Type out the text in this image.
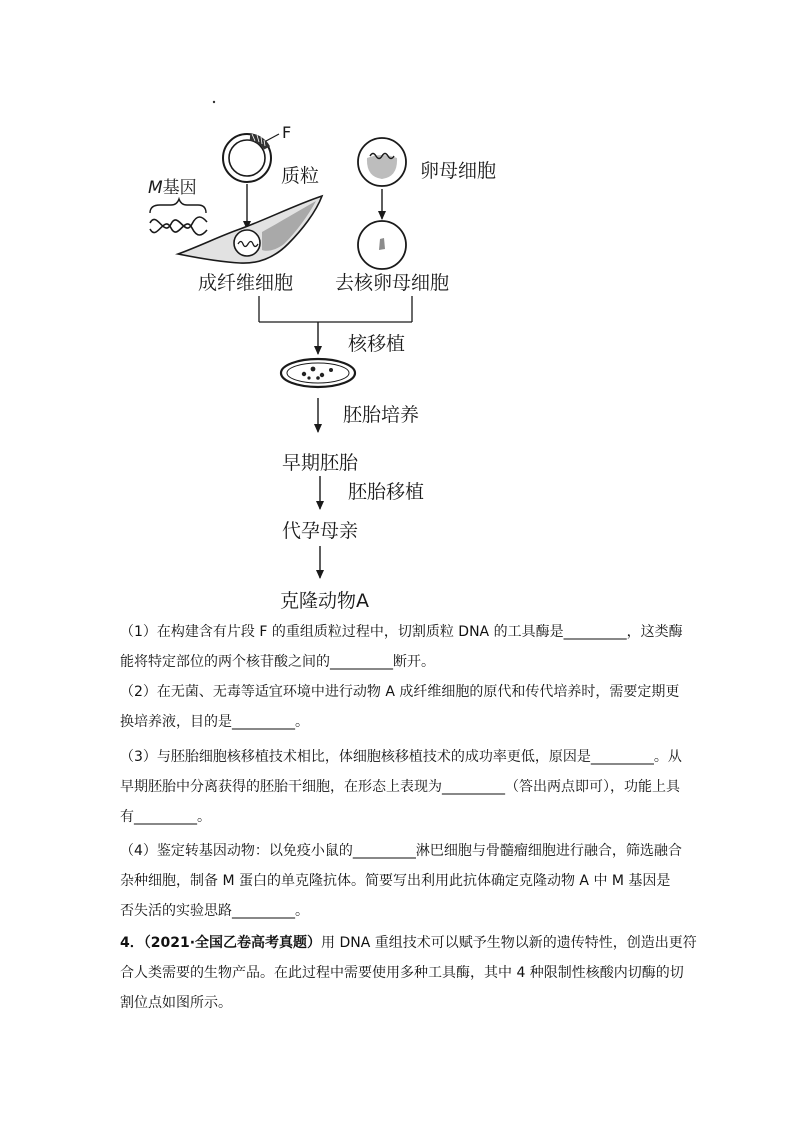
F
质粒
M基因
成纤维细胞
卵母细胞
去核卵母细胞
核移植
胚胎培养
早期胚胎
胚胎移植
代孕母亲
克隆动物A
（1）在构建含有片段 F 的重组质粒过程中，切割质粒 DNA 的工具酶是_________，这类酶
能将特定部位的两个核苷酸之间的_________断开。
（2）在无菌、无毒等适宜环境中进行动物 A 成纤维细胞的原代和传代培养时，需要定期更
换培养液，目的是_________。
（3）与胚胎细胞核移植技术相比，体细胞核移植技术的成功率更低，原因是_________。从
早期胚胎中分离获得的胚胎干细胞，在形态上表现为_________（答出两点即可），功能上具
有_________。
（4）鉴定转基因动物：以免疫小鼠的_________淋巴细胞与骨髓瘤细胞进行融合，筛选融合
杂种细胞，制备 M 蛋白的单克隆抗体。简要写出利用此抗体确定克隆动物 A 中 M 基因是
否失活的实验思路_________。
4．（2021·全国乙卷高考真题）用 DNA 重组技术可以赋予生物以新的遗传特性，创造出更符
合人类需要的生物产品。在此过程中需要使用多种工具酶，其中 4 种限制性核酸内切酶的切
割位点如图所示。
